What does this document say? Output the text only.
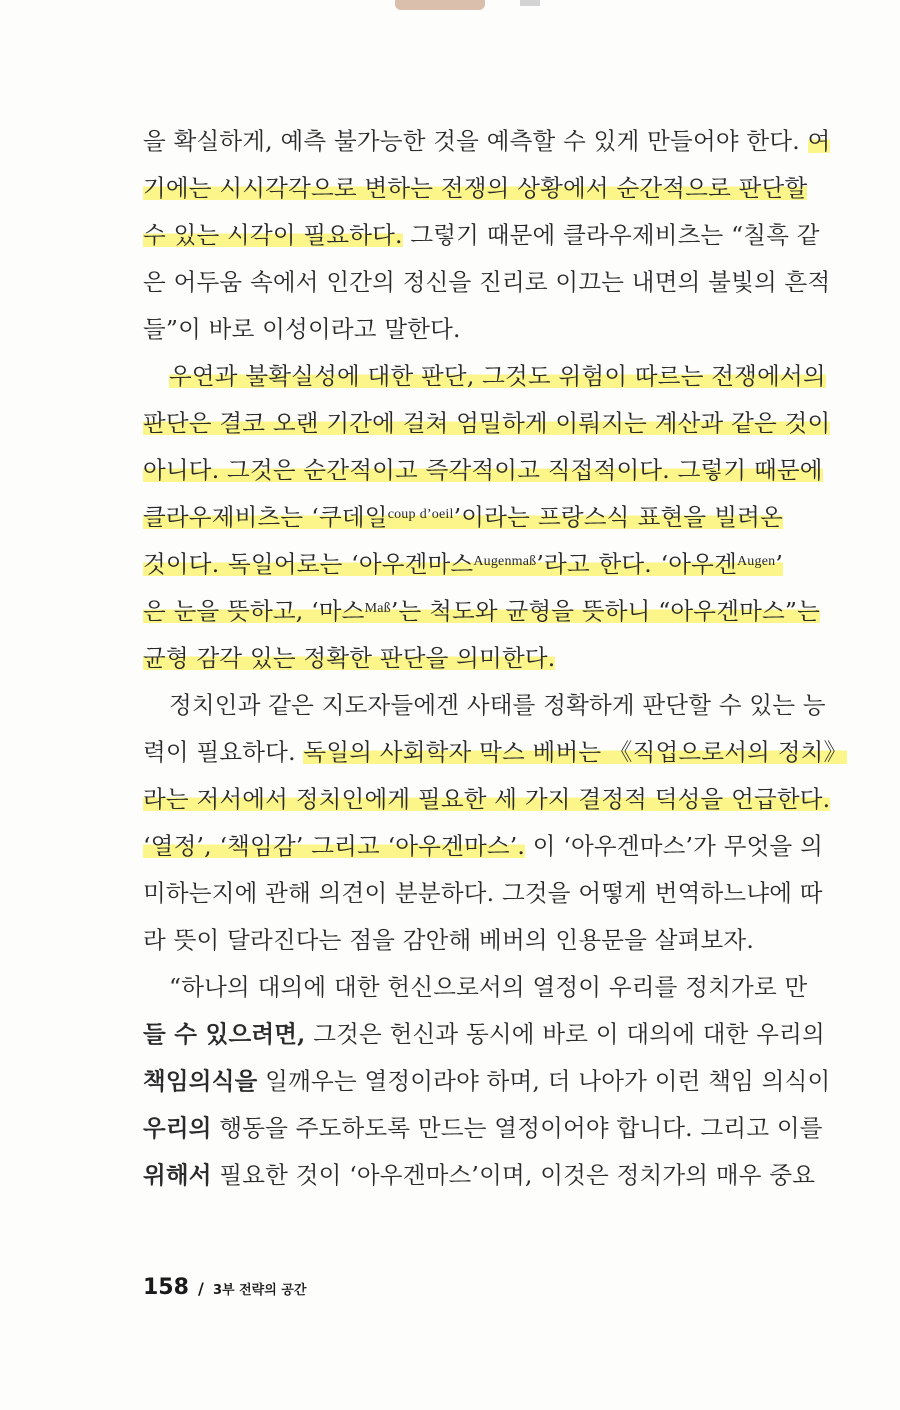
을 확실하게, 예측 불가능한 것을 예측할 수 있게 만들어야 한다. 여
기에는 시시각각으로 변하는 전쟁의 상황에서 순간적으로 판단할
수 있는 시각이 필요하다. 그렇기 때문에 클라우제비츠는 “칠흑 같
은 어두움 속에서 인간의 정신을 진리로 이끄는 내면의 불빛의 흔적
들”이 바로 이성이라고 말한다.
우연과 불확실성에 대한 판단, 그것도 위험이 따르는 전쟁에서의
판단은 결코 오랜 기간에 걸쳐 엄밀하게 이뤄지는 계산과 같은 것이
아니다. 그것은 순간적이고 즉각적이고 직접적이다. 그렇기 때문에
클라우제비츠는 ‘쿠데일$^{coup d’oeil}$’이라는 프랑스식 표현을 빌려온
것이다. 독일어로는 ‘아우겐마스$^{Augenmaß}$’라고 한다. ‘아우겐$^{Augen}$’
은 눈을 뜻하고, ‘마스$^{Maß}$’는 척도와 균형을 뜻하니 “아우겐마스”는
균형 감각 있는 정확한 판단을 의미한다.
정치인과 같은 지도자들에겐 사태를 정확하게 판단할 수 있는 능
력이 필요하다. 독일의 사회학자 막스 베버는 《직업으로서의 정치》
라는 저서에서 정치인에게 필요한 세 가지 결정적 덕성을 언급한다.
‘열정’, ‘책임감’ 그리고 ‘아우겐마스’. 이 ‘아우겐마스’가 무엇을 의
미하는지에 관해 의견이 분분하다. 그것을 어떻게 번역하느냐에 따
라 뜻이 달라진다는 점을 감안해 베버의 인용문을 살펴보자.
“하나의 대의에 대한 헌신으로서의 열정이 우리를 정치가로 만
들 수 있으려면, 그것은 헌신과 동시에 바로 이 대의에 대한 우리의
책임의식을 일깨우는 열정이라야 하며, 더 나아가 이런 책임 의식이
우리의 행동을 주도하도록 만드는 열정이어야 합니다. 그리고 이를
위해서 필요한 것이 ‘아우겐마스’이며, 이것은 정치가의 매우 중요
158 / 3부 전략의 공간
